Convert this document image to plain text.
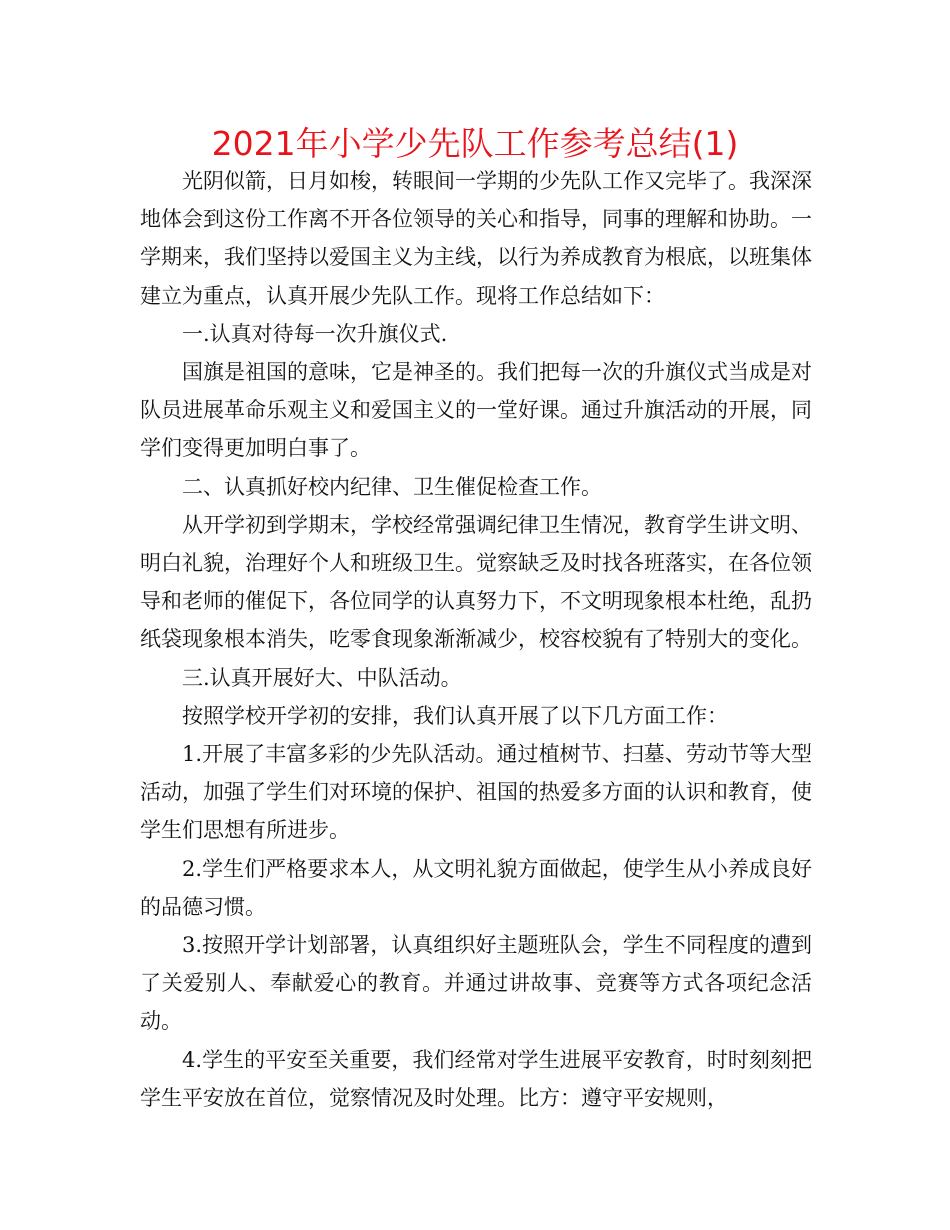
2021年小学少先队工作参考总结(1)

光阴似箭，日月如梭，转眼间一学期的少先队工作又完毕了。我深深地体会到这份工作离不开各位领导的关心和指导，同事的理解和协助。一学期来，我们坚持以爱国主义为主线，以行为养成教育为根底，以班集体建立为重点，认真开展少先队工作。现将工作总结如下：

一.认真对待每一次升旗仪式.

国旗是祖国的意味，它是神圣的。我们把每一次的升旗仪式当成是对队员进展革命乐观主义和爱国主义的一堂好课。通过升旗活动的开展，同学们变得更加明白事了。

二、认真抓好校内纪律、卫生催促检查工作。

从开学初到学期末，学校经常强调纪律卫生情况，教育学生讲文明、明白礼貌，治理好个人和班级卫生。觉察缺乏及时找各班落实，在各位领导和老师的催促下，各位同学的认真努力下，不文明现象根本杜绝，乱扔纸袋现象根本消失，吃零食现象渐渐减少，校容校貌有了特别大的变化。

三.认真开展好大、中队活动。

按照学校开学初的安排，我们认真开展了以下几方面工作：

1.开展了丰富多彩的少先队活动。通过植树节、扫墓、劳动节等大型活动，加强了学生们对环境的保护、祖国的热爱多方面的认识和教育，使学生们思想有所进步。

2.学生们严格要求本人，从文明礼貌方面做起，使学生从小养成良好的品德习惯。

3.按照开学计划部署，认真组织好主题班队会，学生不同程度的遭到了关爱别人、奉献爱心的教育。并通过讲故事、竞赛等方式各项纪念活动。

4.学生的平安至关重要，我们经常对学生进展平安教育，时时刻刻把学生平安放在首位，觉察情况及时处理。比方：遵守平安规则，
